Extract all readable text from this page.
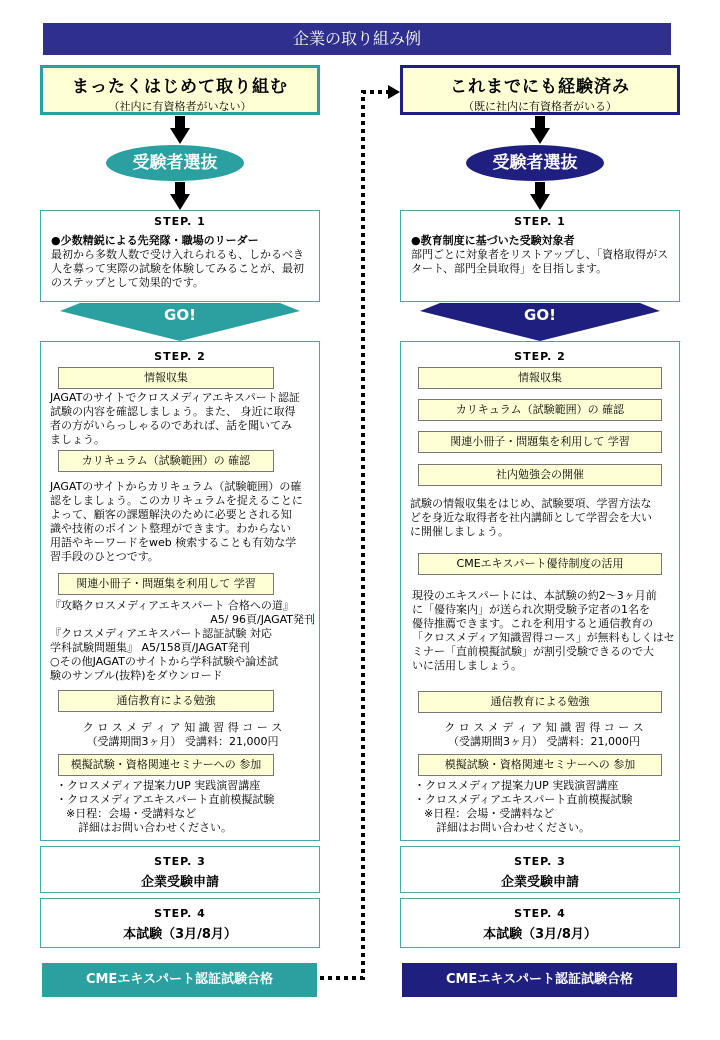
企業の取り組み例
まったくはじめて取り組む
（社内に有資格者がいない）
受験者選抜
STEP. 1
●少数精鋭による先発隊・職場のリーダー
最初から多数人数で受け入れられるも、しかるべき
人を募って実際の試験を体験してみることが、最初
のステップとして効果的です。
GO!
STEP. 2
情報収集
JAGATのサイトでクロスメディアエキスパート認証
試験の内容を確認しましょう。また、 身近に取得
者の方がいらっしゃるのであれば、話を聞いてみ
ましょう。
カリキュラム（試験範囲）の 確認
JAGATのサイトからカリキュラム（試験範囲）の確
認をしましょう。このカリキュラムを捉えることに
よって、顧客の課題解決のために必要とされる知
識や技術のポイント整理ができます。わからない
用語やキーワードをweb 検索することも有効な学
習手段のひとつです。
関連小冊子・問題集を利用して 学習
『攻略クロスメディアエキスパート 合格への道』
A5/ 96頁/JAGAT発刊
『クロスメディアエキスパート認証試験 対応
学科試験問題集』 A5/158頁/JAGAT発刊
○その他JAGATのサイトから学科試験や論述試
験のサンプル(抜粋)をダウンロード
通信教育による勉強
ク ロ ス メ デ ィ ア 知 識 習 得 コ ー ス
（受講期間3ヶ月） 受講料：21,000円
模擬試験・資格関連セミナーへの 参加
・クロスメディア提案力UP 実践演習講座
・クロスメディアエキスパート直前模擬試験
※日程：会場・受講料など
詳細はお問い合わせください。
STEP. 3
企業受験申請
STEP. 4
本試験（3月/8月）
CMEエキスパート認証試験合格
これまでにも経験済み
（既に社内に有資格者がいる）
受験者選抜
STEP. 1
●教育制度に基づいた受験対象者
部門ごとに対象者をリストアップし、「資格取得がス
タート、部門全員取得」を目指します。
GO!
STEP. 2
情報収集
カリキュラム（試験範囲）の 確認
関連小冊子・問題集を利用して 学習
社内勉強会の開催
試験の情報収集をはじめ、試験要項、学習方法な
どを身近な取得者を社内講師として学習会を大い
に開催しましょう。
CMEエキスパート優待制度の活用
現役のエキスパートには、本試験の約2～3ヶ月前
に「優待案内」が送られ次期受験予定者の1名を
優待推薦できます。これを利用すると通信教育の
「クロスメディア知識習得コース」が無料もしくはセ
ミナー「直前模擬試験」が割引受験できるので大
いに活用しましょう。
通信教育による勉強
ク ロ ス メ デ ィ ア 知 識 習 得 コ ー ス
（受講期間3ヶ月） 受講料：21,000円
模擬試験・資格関連セミナーへの 参加
・クロスメディア提案力UP 実践演習講座
・クロスメディアエキスパート直前模擬試験
※日程：会場・受講料など
詳細はお問い合わせください。
STEP. 3
企業受験申請
STEP. 4
本試験（3月/8月）
CMEエキスパート認証試験合格
